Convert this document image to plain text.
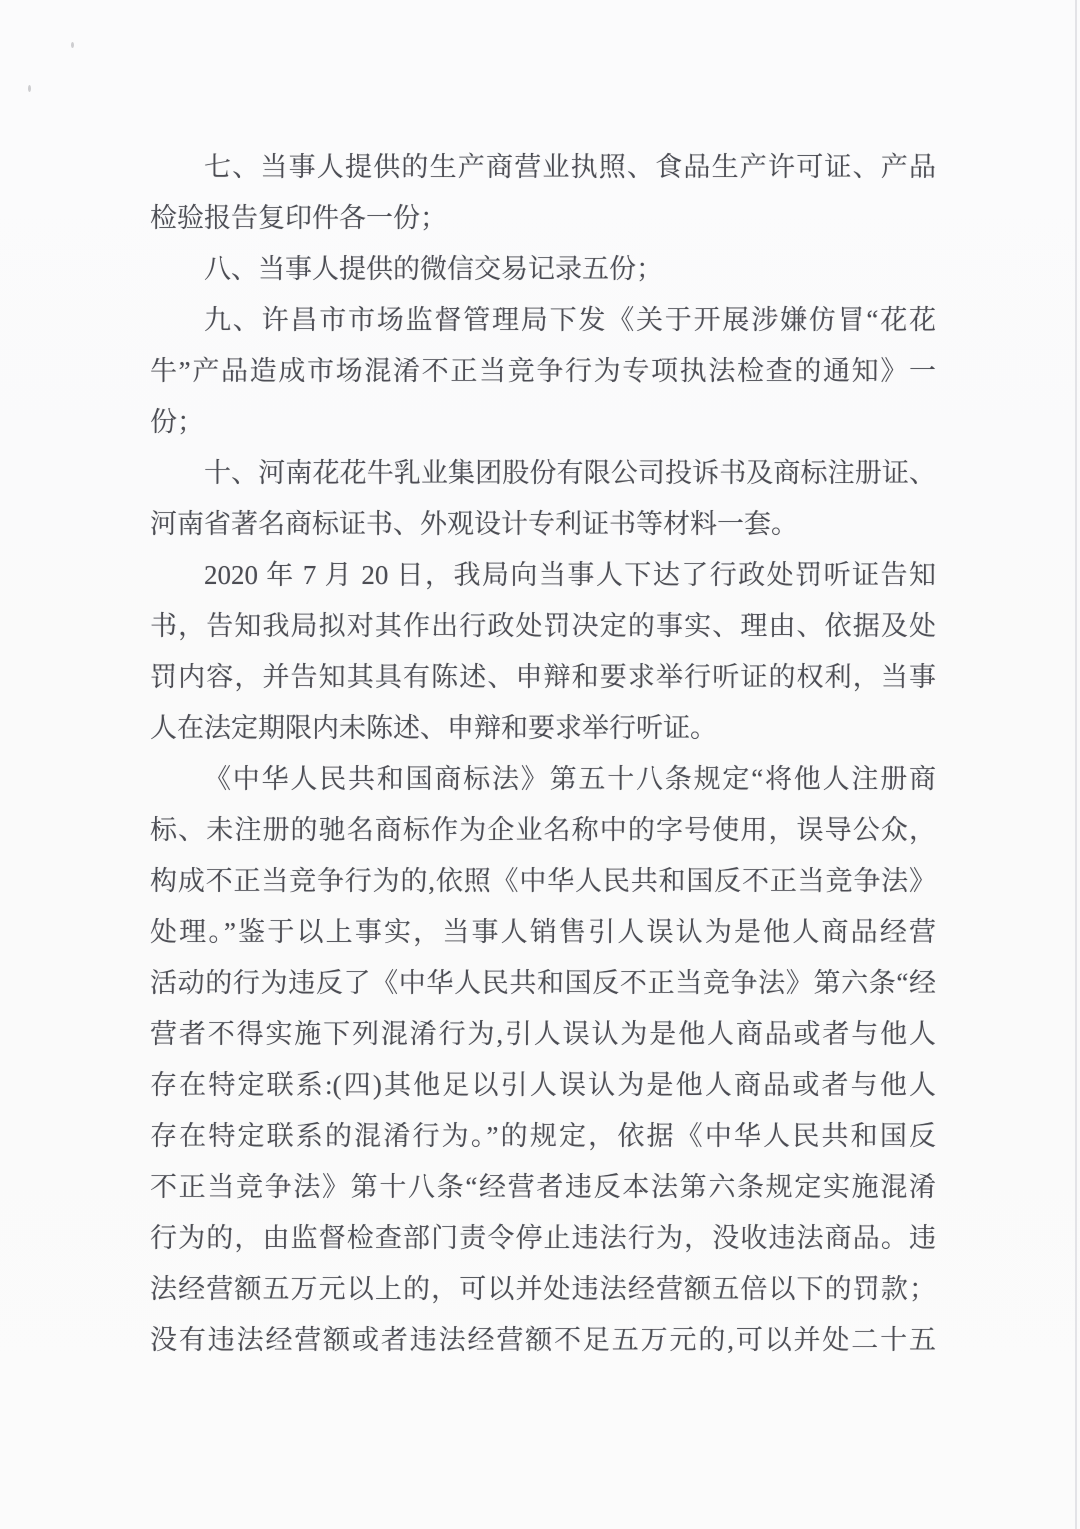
七、当事人提供的生产商营业执照、食品生产许可证、产品
检验报告复印件各一份；
八、当事人提供的微信交易记录五份；
九、许昌市市场监督管理局下发《关于开展涉嫌仿冒“花花
牛”产品造成市场混淆不正当竞争行为专项执法检查的通知》一
份；
十、河南花花牛乳业集团股份有限公司投诉书及商标注册证、
河南省著名商标证书、外观设计专利证书等材料一套。
2020 年 7 月 20 日，我局向当事人下达了行政处罚听证告知
书，告知我局拟对其作出行政处罚决定的事实、理由、依据及处
罚内容，并告知其具有陈述、申辩和要求举行听证的权利，当事
人在法定期限内未陈述、申辩和要求举行听证。
《中华人民共和国商标法》第五十八条规定“将他人注册商
标、未注册的驰名商标作为企业名称中的字号使用，误导公众，
构成不正当竞争行为的,依照《中华人民共和国反不正当竞争法》
处理。”鉴于以上事实，当事人销售引人误认为是他人商品经营
活动的行为违反了《中华人民共和国反不正当竞争法》第六条“经
营者不得实施下列混淆行为,引人误认为是他人商品或者与他人
存在特定联系:(四)其他足以引人误认为是他人商品或者与他人
存在特定联系的混淆行为。”的规定，依据《中华人民共和国反
不正当竞争法》第十八条“经营者违反本法第六条规定实施混淆
行为的，由监督检查部门责令停止违法行为，没收违法商品。违
法经营额五万元以上的，可以并处违法经营额五倍以下的罚款；
没有违法经营额或者违法经营额不足五万元的,可以并处二十五
